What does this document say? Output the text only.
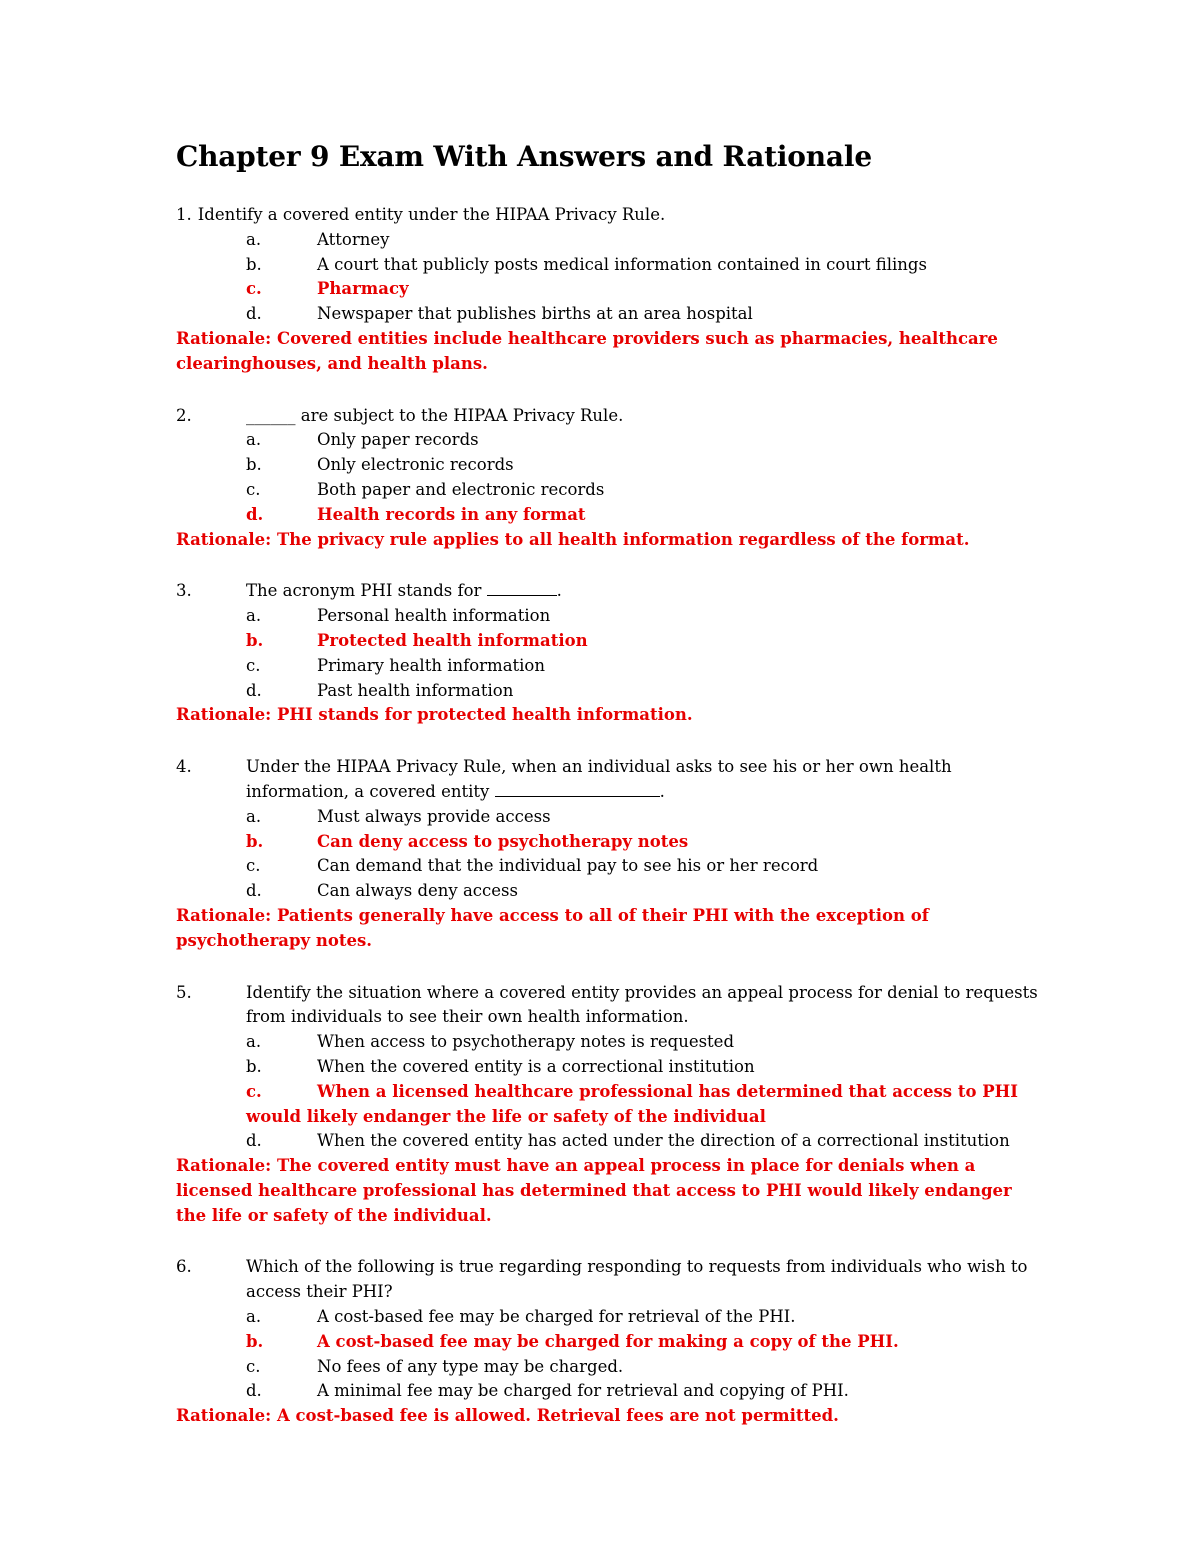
Chapter 9 Exam With Answers and Rationale
1. Identify a covered entity under the HIPAA Privacy Rule.
a.	Attorney
b.	A court that publicly posts medical information contained in court filings
c.	Pharmacy
d.	Newspaper that publishes births at an area hospital
Rationale: Covered entities include healthcare providers such as pharmacies, healthcare clearinghouses, and health plans.
2.	______ are subject to the HIPAA Privacy Rule.
a.	Only paper records
b.	Only electronic records
c.	Both paper and electronic records
d.	Health records in any format
Rationale: The privacy rule applies to all health information regardless of the format.
3.	The acronym PHI stands for	.
a.	Personal health information
b.	Protected health information
c.	Primary health information
d.	Past health information
Rationale: PHI stands for protected health information.
4.	Under the HIPAA Privacy Rule, when an individual asks to see his or her own health information, a covered entity	.
a.	Must always provide access
b.	Can deny access to psychotherapy notes
c.	Can demand that the individual pay to see his or her record
d.	Can always deny access
Rationale: Patients generally have access to all of their PHI with the exception of psychotherapy notes.
5.	Identify the situation where a covered entity provides an appeal process for denial to requests from individuals to see their own health information.
a.	When access to psychotherapy notes is requested
b.	When the covered entity is a correctional institution
c.	When a licensed healthcare professional has determined that access to PHI would likely endanger the life or safety of the individual
d.	When the covered entity has acted under the direction of a correctional institution
Rationale: The covered entity must have an appeal process in place for denials when a licensed healthcare professional has determined that access to PHI would likely endanger the life or safety of the individual.
6.	Which of the following is true regarding responding to requests from individuals who wish to access their PHI?
a.	A cost-based fee may be charged for retrieval of the PHI.
b.	A cost-based fee may be charged for making a copy of the PHI.
c.	No fees of any type may be charged.
d.	A minimal fee may be charged for retrieval and copying of PHI.
Rationale: A cost-based fee is allowed. Retrieval fees are not permitted.
